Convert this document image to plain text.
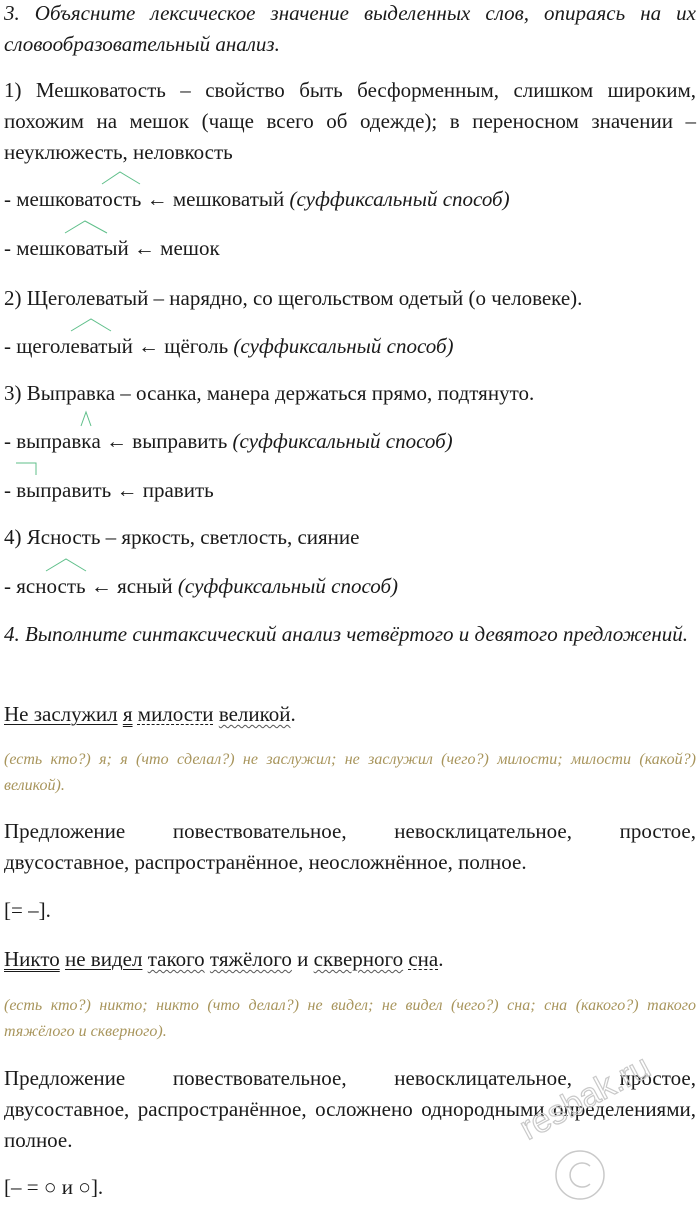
3. Объясните лексическое значение выделенных слов, опираясь на их словообразовательный анализ.

1) Мешковатость – свойство быть бесформенным, слишком широким, похожим на мешок (чаще всего об одежде); в переносном значении – неуклюжесть, неловкость

- мешковат
ость ← мешковатый (суффиксальный способ)

- мешк
оватый ← мешок

2) Щеголеватый – нарядно, со щегольством одетый (о человеке).

- щегол
еватый ← щёголь (суффиксальный способ)

3) Выправка – осанка, манера держаться прямо, подтянуто.

- выправ
ка ← выправить (суффиксальный способ)

-
выправить ← править

4) Ясность – яркость, светлость, сияние

- ясн
ость ← ясный (суффиксальный способ)

4. Выполните синтаксический анализ четвёртого и девятого предложений.

Не заслужил я милости великой.

(есть кто?) я; я (что сделал?) не заслужил; не заслужил (чего?) милости; милости (какой?) великой).

Предложение повествовательное, невосклицательное, простое, двусоставное, распространённое, неосложнённое, полное.

[= –].

Никто не видел такого тяжёлого и скверного сна.

(есть кто?) никто; никто (что делал?) не видел; не видел (чего?) сна; сна (какого?) такого тяжёлого и скверного).

Предложение повествовательное, невосклицательное, простое, двусоставное, распространённое, осложнено однородными определениями, полное.

[– = ○ и ○].

resbak.ru
